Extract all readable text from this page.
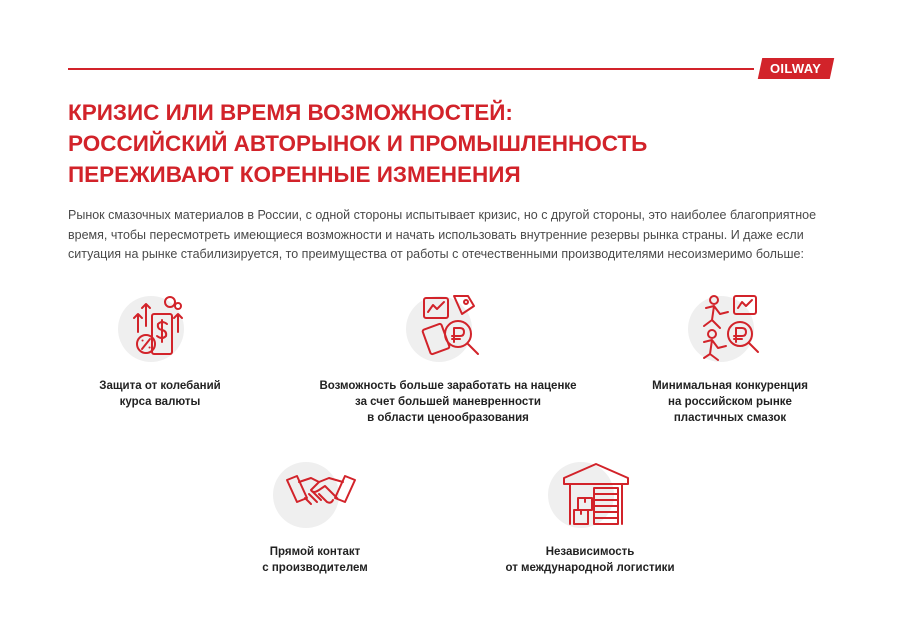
OILWAY
КРИЗИС ИЛИ ВРЕМЯ ВОЗМОЖНОСТЕЙ:
РОССИЙСКИЙ АВТОРЫНОК И ПРОМЫШЛЕННОСТЬ
ПЕРЕЖИВАЮТ КОРЕННЫЕ ИЗМЕНЕНИЯ

Рынок смазочных материалов в России, с одной стороны испытывает кризис, но с другой стороны, это наиболее благоприятное время, чтобы пересмотреть имеющиеся возможности и начать использовать внутренние резервы рынка страны. И даже если ситуация на рынке стабилизируется, то преимущества от работы с отечественными производителями несоизмеримо больше:

Защита от колебаний
курса валюты
Возможность больше заработать на наценке
за счет большей маневренности
в области ценообразования
Минимальная конкуренция
на российском рынке
пластичных смазок
Прямой контакт
с производителем
Независимость
от международной логистики
